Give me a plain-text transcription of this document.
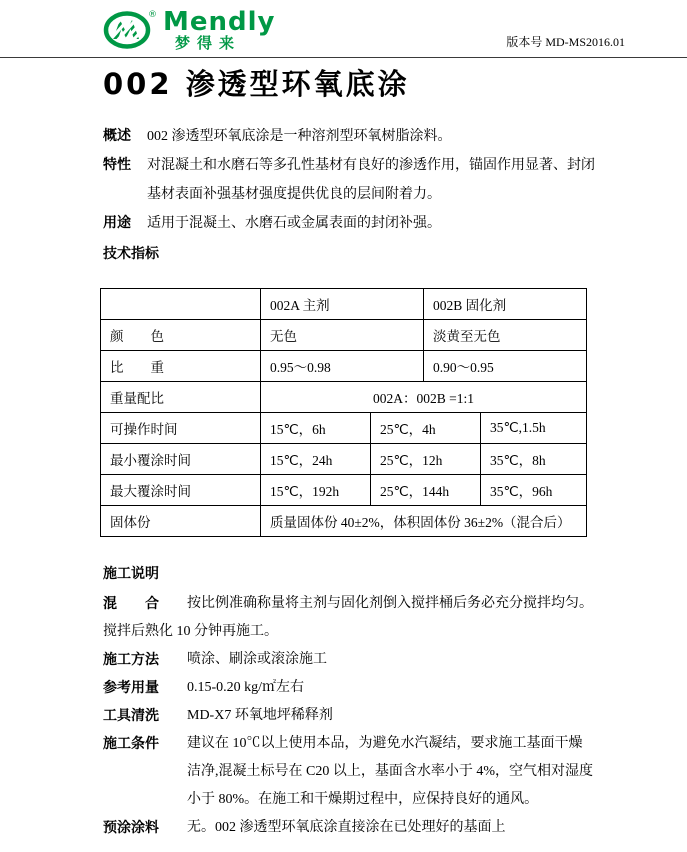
® Mendly
梦得来	版本号 MD-MS2016.01
002 渗透型环氧底涂
概述	002 渗透型环氧底涂是一种溶剂型环氧树脂涂料。
特性	对混凝土和水磨石等多孔性基材有良好的渗透作用，锚固作用显著、封闭
基材表面补强基材强度提供优良的层间附着力。
用途	适用于混凝土、水磨石或金属表面的封闭补强。
技术指标
	002A 主剂		002B 固化剂	
颜　　色	无色		淡黄至无色	
比　　重	0.95～0.98		0.90～0.95	
重量配比	002A：002B =1:1			
可操作时间	15℃，6h	25℃，4h		35℃,1.5h
最小覆涂时间	15℃，24h	25℃，12h		35℃，8h
最大覆涂时间	15℃，192h	25℃，144h		35℃，96h
固体份	质量固体份 40±2%，体积固体份 36±2%（混合后）			
施工说明
混　　合	按比例准确称量将主剂与固化剂倒入搅拌桶后务必充分搅拌均匀。
搅拌后熟化 10 分钟再施工。
施工方法	喷涂、刷涂或滚涂施工
参考用量	0.15-0.20 kg/㎡左右
工具清洗	MD-X7 环氧地坪稀释剂
施工条件	建议在 10℃以上使用本品，为避免水汽凝结，要求施工基面干燥
洁净,混凝土标号在 C20 以上，基面含水率小于 4%，空气相对湿度
小于 80%。在施工和干燥期过程中，应保持良好的通风。
预涂涂料	无。002 渗透型环氧底涂直接涂在已处理好的基面上
